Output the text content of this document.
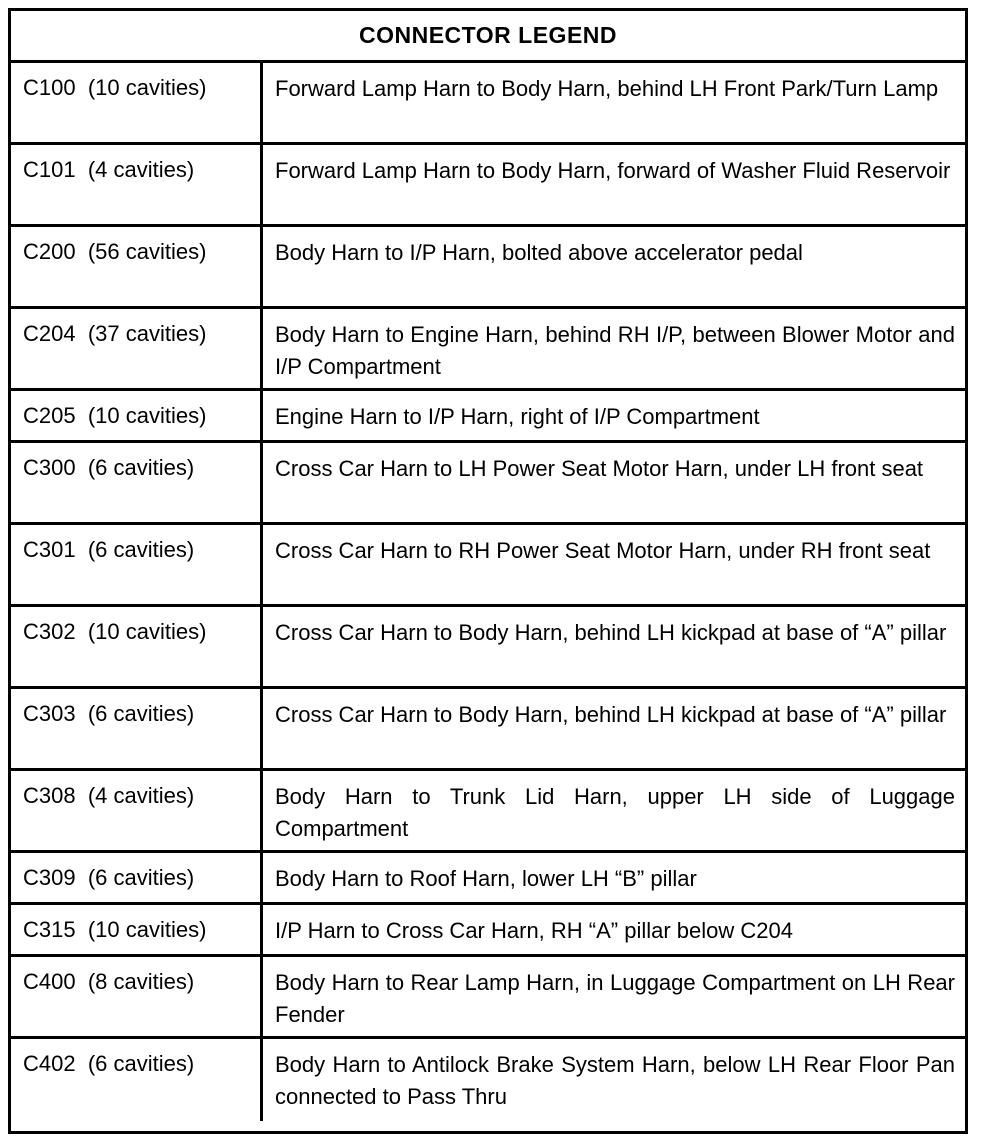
CONNECTOR LEGEND
C100  (10 cavities)	Forward Lamp Harn to Body Harn, behind LH Front Park/Turn Lamp
C101  (4 cavities)	Forward Lamp Harn to Body Harn, forward of Washer Fluid Reservoir
C200  (56 cavities)	Body Harn to I/P Harn, bolted above accelerator pedal
C204  (37 cavities)	Body Harn to Engine Harn, behind RH I/P, between Blower Motor and I/P Compartment
C205  (10 cavities)	Engine Harn to I/P Harn, right of I/P Compartment
C300  (6 cavities)	Cross Car Harn to LH Power Seat Motor Harn, under LH front seat
C301  (6 cavities)	Cross Car Harn to RH Power Seat Motor Harn, under RH front seat
C302  (10 cavities)	Cross Car Harn to Body Harn, behind LH kickpad at base of “A” pillar
C303  (6 cavities)	Cross Car Harn to Body Harn, behind LH kickpad at base of “A” pillar
C308  (4 cavities)	Body Harn to Trunk Lid Harn, upper LH side of Luggage Compartment
C309  (6 cavities)	Body Harn to Roof Harn, lower LH “B” pillar
C315  (10 cavities)	I/P Harn to Cross Car Harn, RH “A” pillar below C204
C400  (8 cavities)	Body Harn to Rear Lamp Harn, in Luggage Compartment on LH Rear Fender
C402  (6 cavities)	Body Harn to Antilock Brake System Harn, below LH Rear Floor Pan connected to Pass Thru
